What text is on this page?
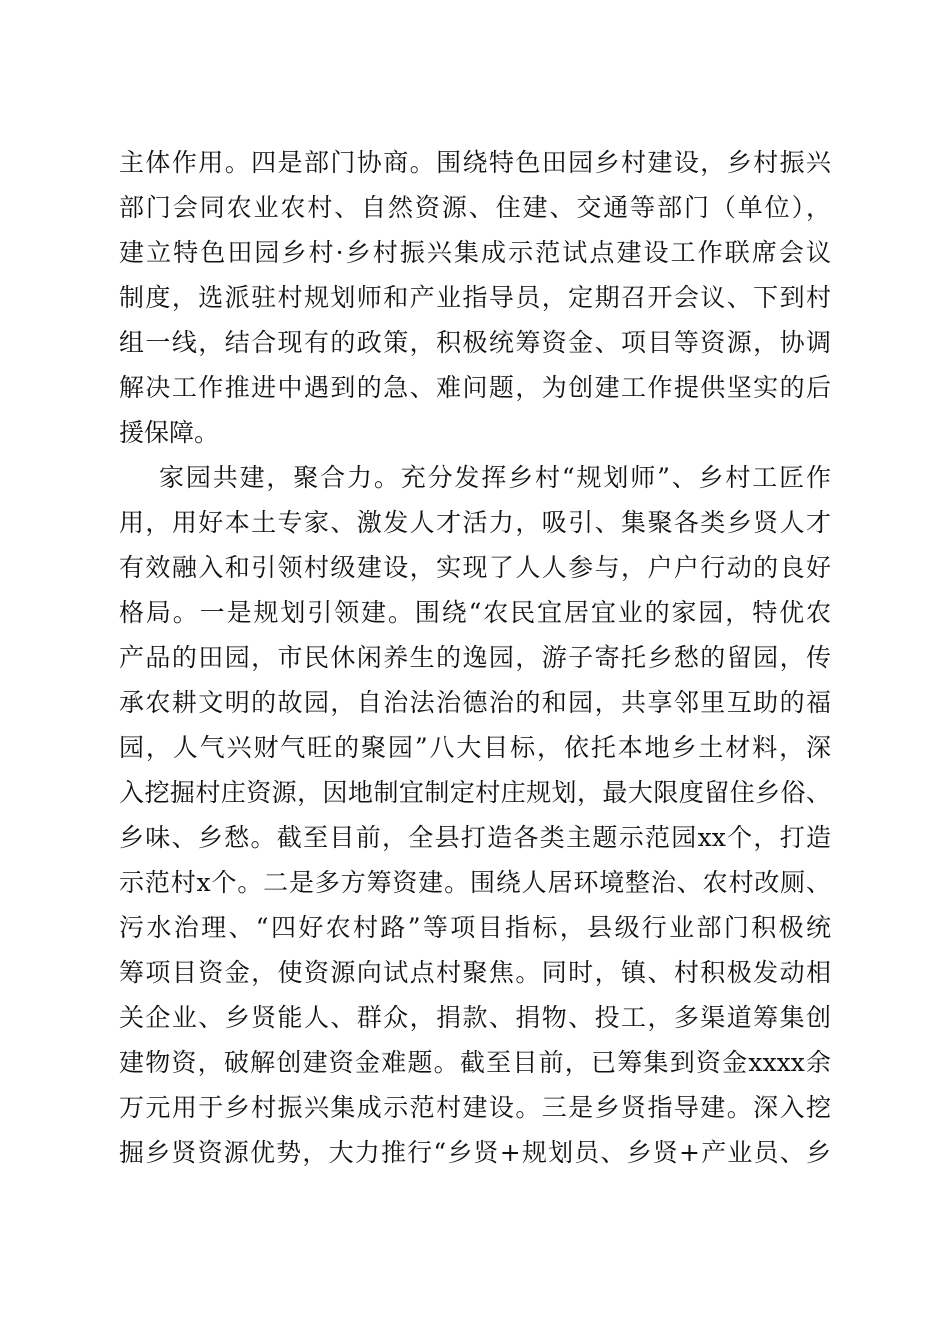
主体作用。四是部门协商。围绕特色田园乡村建设，乡村振兴
部门会同农业农村、自然资源、住建、交通等部门（单位），
建立特色田园乡村·乡村振兴集成示范试点建设工作联席会议
制度，选派驻村规划师和产业指导员，定期召开会议、下到村
组一线，结合现有的政策，积极统筹资金、项目等资源，协调
解决工作推进中遇到的急、难问题，为创建工作提供坚实的后
援保障。
家园共建，聚合力。充分发挥乡村“规划师”、乡村工匠作
用，用好本土专家、激发人才活力，吸引、集聚各类乡贤人才
有效融入和引领村级建设，实现了人人参与，户户行动的良好
格局。一是规划引领建。围绕“农民宜居宜业的家园，特优农
产品的田园，市民休闲养生的逸园，游子寄托乡愁的留园，传
承农耕文明的故园，自治法治德治的和园，共享邻里互助的福
园，人气兴财气旺的聚园”八大目标，依托本地乡土材料，深
入挖掘村庄资源，因地制宜制定村庄规划，最大限度留住乡俗、
乡味、乡愁。截至目前，全县打造各类主题示范园xx个，打造
示范村x个。二是多方筹资建。围绕人居环境整治、农村改厕、
污水治理、“四好农村路”等项目指标，县级行业部门积极统
筹项目资金，使资源向试点村聚焦。同时，镇、村积极发动相
关企业、乡贤能人、群众，捐款、捐物、投工，多渠道筹集创
建物资，破解创建资金难题。截至目前，已筹集到资金xxxx余
万元用于乡村振兴集成示范村建设。三是乡贤指导建。深入挖
掘乡贤资源优势，大力推行“乡贤+规划员、乡贤+产业员、乡
